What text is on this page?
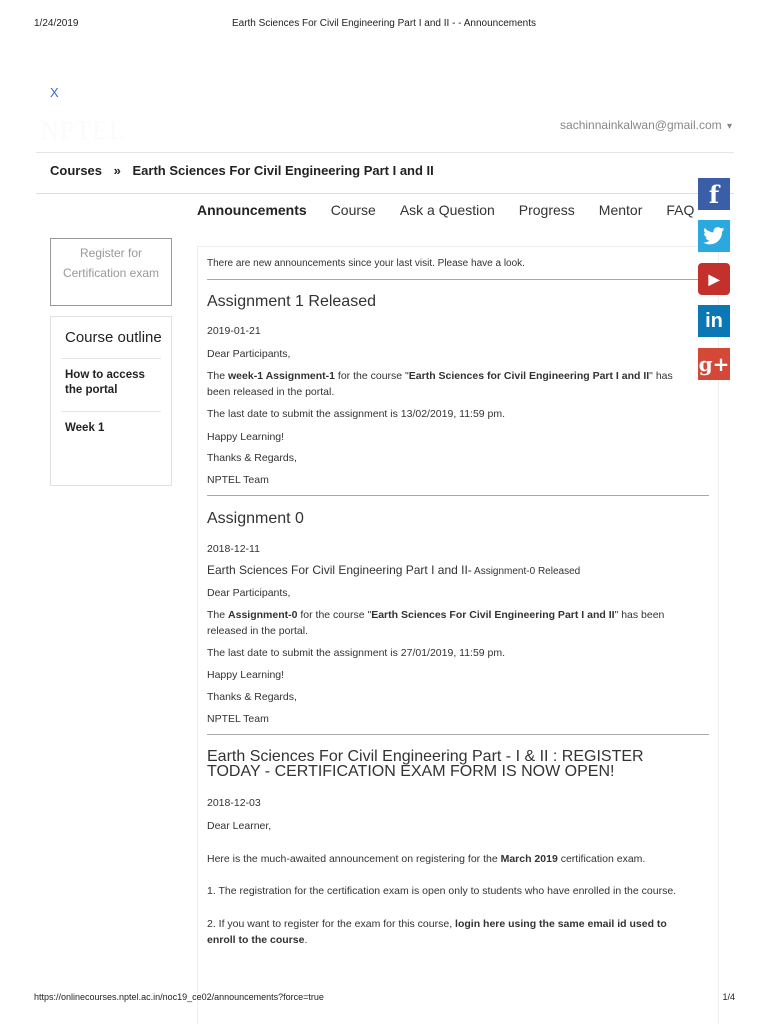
1/24/2019	Earth Sciences For Civil Engineering Part I and II - - Announcements
X
NPTEL	sachinnainkalwan@gmail.com ▾
Courses » Earth Sciences For Civil Engineering Part I and II
Announcements Course Ask a Question Progress Mentor FAQ
Register for Certification exam
Course outline
How to access the portal
Week 1
There are new announcements since your last visit. Please have a look.
Assignment 1 Released
2019-01-21
Dear Participants,
The week-1 Assignment-1 for the course "Earth Sciences for Civil Engineering Part I and II" has been released in the portal.
The last date to submit the assignment is 13/02/2019, 11:59 pm.
Happy Learning!
Thanks & Regards,
NPTEL Team
Assignment 0
2018-12-11
Earth Sciences For Civil Engineering Part I and II- Assignment-0 Released
Dear Participants,
The Assignment-0 for the course "Earth Sciences For Civil Engineering Part I and II" has been released in the portal.
The last date to submit the assignment is 27/01/2019, 11:59 pm.
Happy Learning!
Thanks & Regards,
NPTEL Team
Earth Sciences For Civil Engineering Part - I & II : REGISTER TODAY - CERTIFICATION EXAM FORM IS NOW OPEN!
2018-12-03
Dear Learner,
Here is the much-awaited announcement on registering for the March 2019 certification exam.
1. The registration for the certification exam is open only to students who have enrolled in the course.
2. If you want to register for the exam for this course, login here using the same email id used to enroll to the course.
f
▶
in
g+
https://onlinecourses.nptel.ac.in/noc19_ce02/announcements?force=true	1/4
